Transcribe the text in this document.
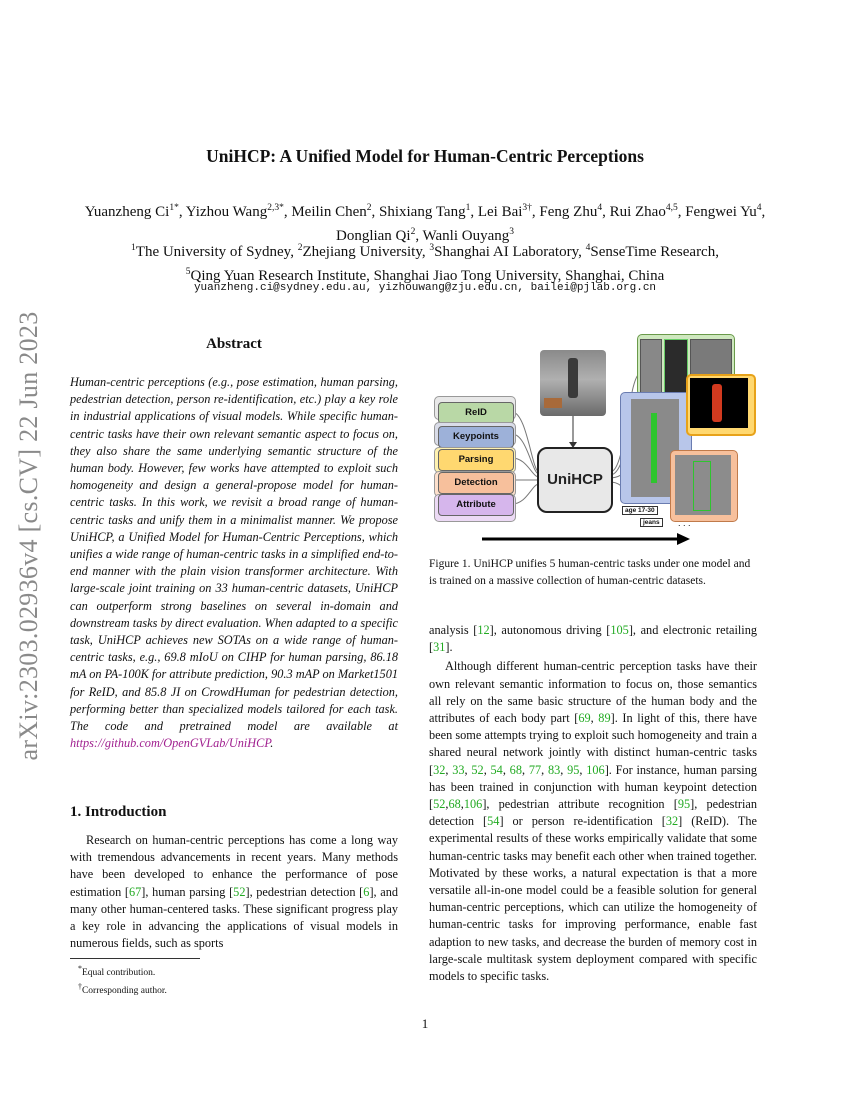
arXiv:2303.02936v4 [cs.CV] 22 Jun 2023
UniHCP: A Unified Model for Human-Centric Perceptions
Yuanzheng $Ci^{1*}$, Yizhou Wang$^{2,3*}$, Meilin Chen$^2$, Shixiang Tang$^1$, Lei Bai$^{3\dagger}$, Feng Zhu$^4$, Rui Zhao$^{4,5}$, Fengwei Yu$^4$, Donglian Qi$^2$, Wanli Ouyang$^3$
$^1$The University of Sydney, $^2$Zhejiang University, $^3$Shanghai AI Laboratory, $^4$SenseTime Research,
$^5$Qing Yuan Research Institute, Shanghai Jiao Tong University, Shanghai, China
yuanzheng.ci@sydney.edu.au, yizhouwang@zju.edu.cn, bailei@pjlab.org.cn
Abstract
Human-centric perceptions (e.g., pose estimation, human parsing, pedestrian detection, person re-identification, etc.) play a key role in industrial applications of visual models. While specific human-centric tasks have their own relevant semantic aspect to focus on, they also share the same underlying semantic structure of the human body. However, few works have attempted to exploit such homogeneity and design a general-propose model for human-centric tasks. In this work, we revisit a broad range of human-centric tasks and unify them in a minimalist manner. We propose UniHCP, a Unified Model for Human-Centric Perceptions, which unifies a wide range of human-centric tasks in a simplified end-to-end manner with the plain vision transformer architecture. With large-scale joint training on 33 human-centric datasets, UniHCP can outperform strong baselines on several in-domain and downstream tasks by direct evaluation. When adapted to a specific task, UniHCP achieves new SOTAs on a wide range of human-centric tasks, e.g., 69.8 mIoU on CIHP for human parsing, 86.18 mA on PA-100K for attribute prediction, 90.3 mAP on Market1501 for ReID, and 85.8 JI on CrowdHuman for pedestrian detection, performing better than specialized models tailored for each task. The code and pretrained model are available at https://github.com/OpenGVLab/UniHCP.
1. Introduction

Research on human-centric perceptions has come a long way with tremendous advancements in recent years. Many methods have been developed to enhance the performance of pose estimation [67], human parsing [52], pedestrian detection [6], and many other human-centered tasks. These significant progress play a key role in advancing the applications of visual models in numerous fields, such as sports

*Equal contribution.
†Corresponding author.
ReID
Keypoints
Parsing
Detection
Attribute
UniHCP
age 17-30
jeans	. . .
Figure 1. UniHCP unifies 5 human-centric tasks under one model and is trained on a massive collection of human-centric datasets.

analysis [12], autonomous driving [105], and electronic retailing [31].

Although different human-centric perception tasks have their own relevant semantic information to focus on, those semantics all rely on the same basic structure of the human body and the attributes of each body part [69, 89]. In light of this, there have been some attempts trying to exploit such homogeneity and train a shared neural network jointly with distinct human-centric tasks [32, 33, 52, 54, 68, 77, 83, 95, 106]. For instance, human parsing has been trained in conjunction with human keypoint detection [52,68,106], pedestrian attribute recognition [95], pedestrian detection [54] or person re-identification [32] (ReID). The experimental results of these works empirically validate that some human-centric tasks may benefit each other when trained together. Motivated by these works, a natural expectation is that a more versatile all-in-one model could be a feasible solution for general human-centric perceptions, which can utilize the homogeneity of human-centric tasks for improving performance, enable fast adaption to new tasks, and decrease the burden of memory cost in large-scale multitask system deployment compared with specific models to specific tasks.

1
